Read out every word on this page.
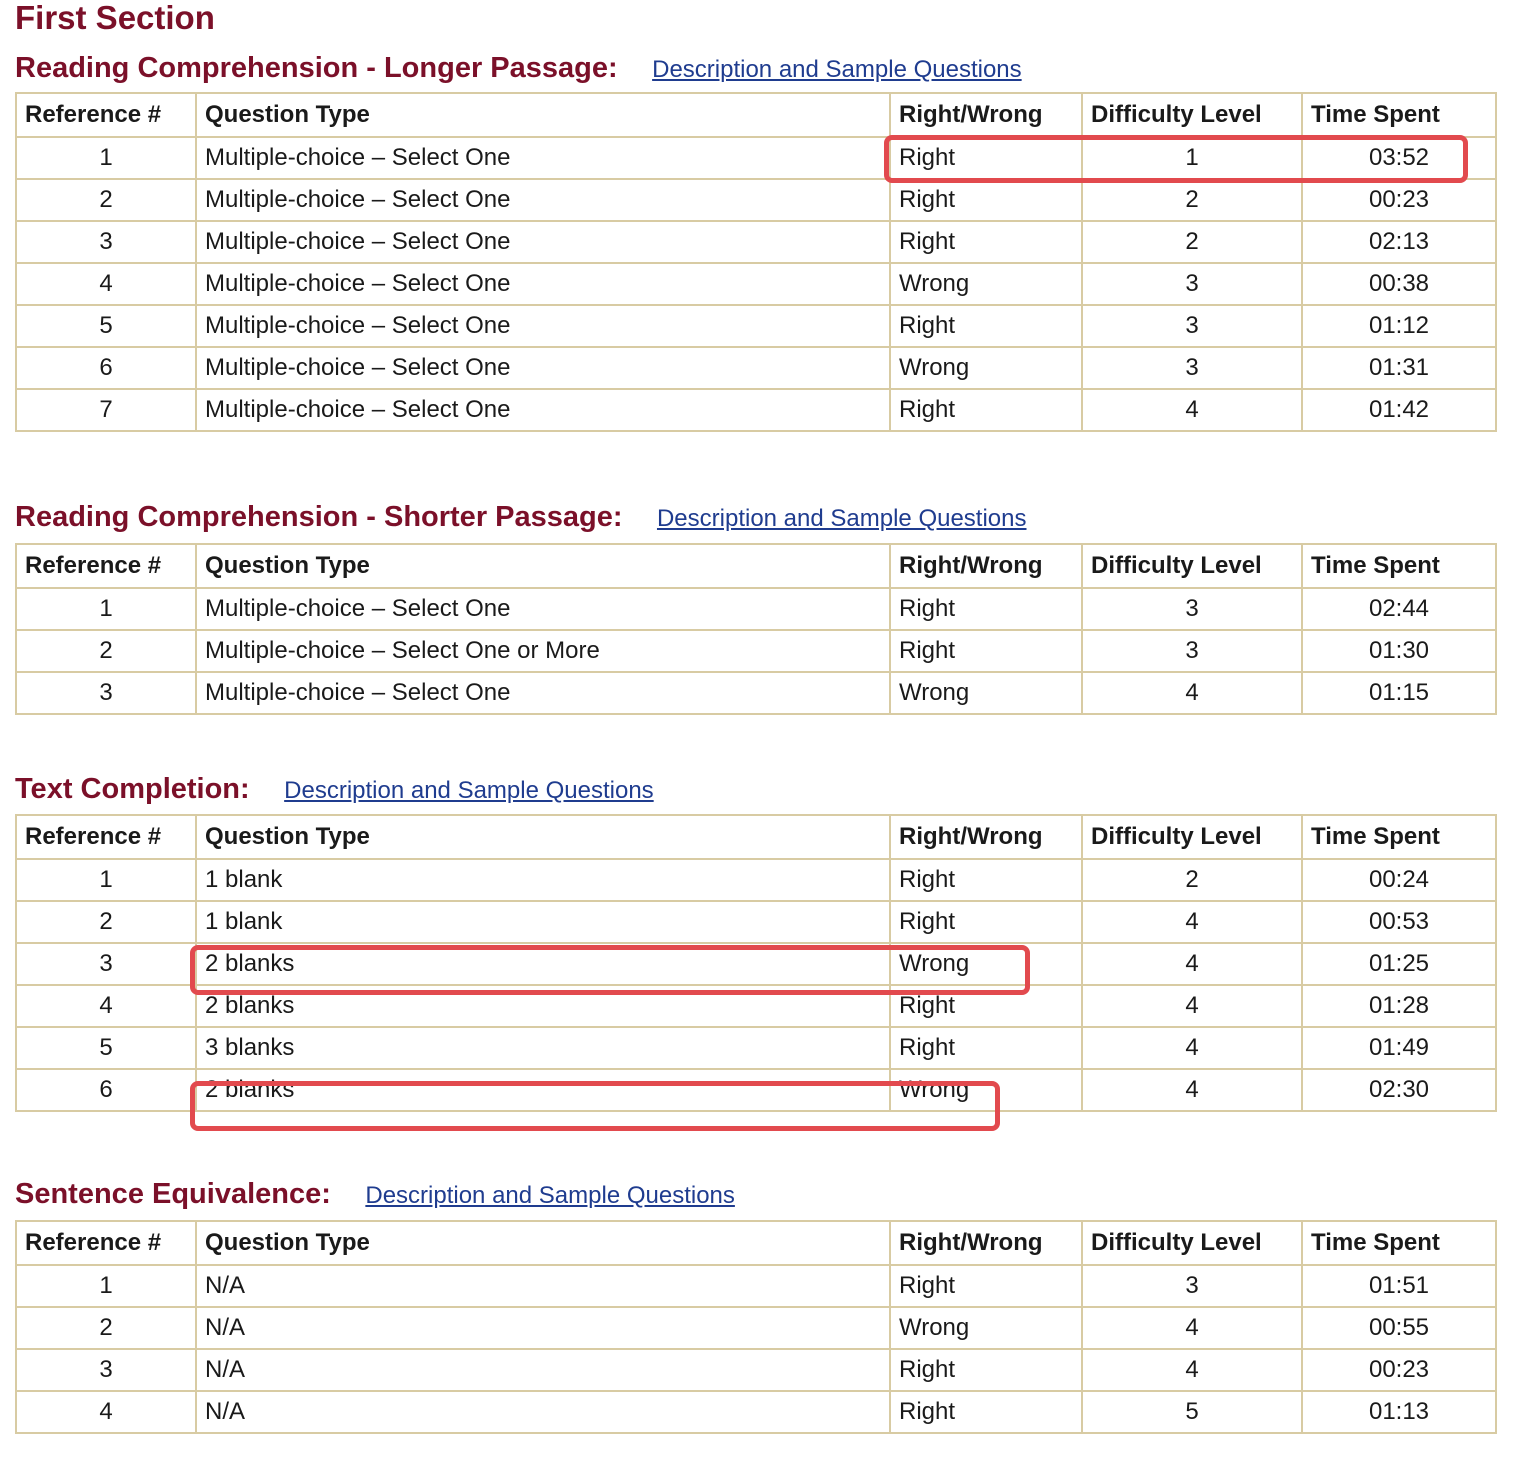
First Section
Reading Comprehension - Longer Passage: Description and Sample Questions
Reference #	Question Type	Right/Wrong	Difficulty Level	Time Spent
1	Multiple-choice – Select One	Right	1	03:52
2	Multiple-choice – Select One	Right	2	00:23
3	Multiple-choice – Select One	Right	2	02:13
4	Multiple-choice – Select One	Wrong	3	00:38
5	Multiple-choice – Select One	Right	3	01:12
6	Multiple-choice – Select One	Wrong	3	01:31
7	Multiple-choice – Select One	Right	4	01:42
Reading Comprehension - Shorter Passage: Description and Sample Questions
Reference #	Question Type	Right/Wrong	Difficulty Level	Time Spent
1	Multiple-choice – Select One	Right	3	02:44
2	Multiple-choice – Select One or More	Right	3	01:30
3	Multiple-choice – Select One	Wrong	4	01:15
Text Completion: Description and Sample Questions
Reference #	Question Type	Right/Wrong	Difficulty Level	Time Spent
1	1 blank	Right	2	00:24
2	1 blank	Right	4	00:53
3	2 blanks	Wrong	4	01:25
4	2 blanks	Right	4	01:28
5	3 blanks	Right	4	01:49
6	2 blanks	Wrong	4	02:30
Sentence Equivalence: Description and Sample Questions
Reference #	Question Type	Right/Wrong	Difficulty Level	Time Spent
1	N/A	Right	3	01:51
2	N/A	Wrong	4	00:55
3	N/A	Right	4	00:23
4	N/A	Right	5	01:13
